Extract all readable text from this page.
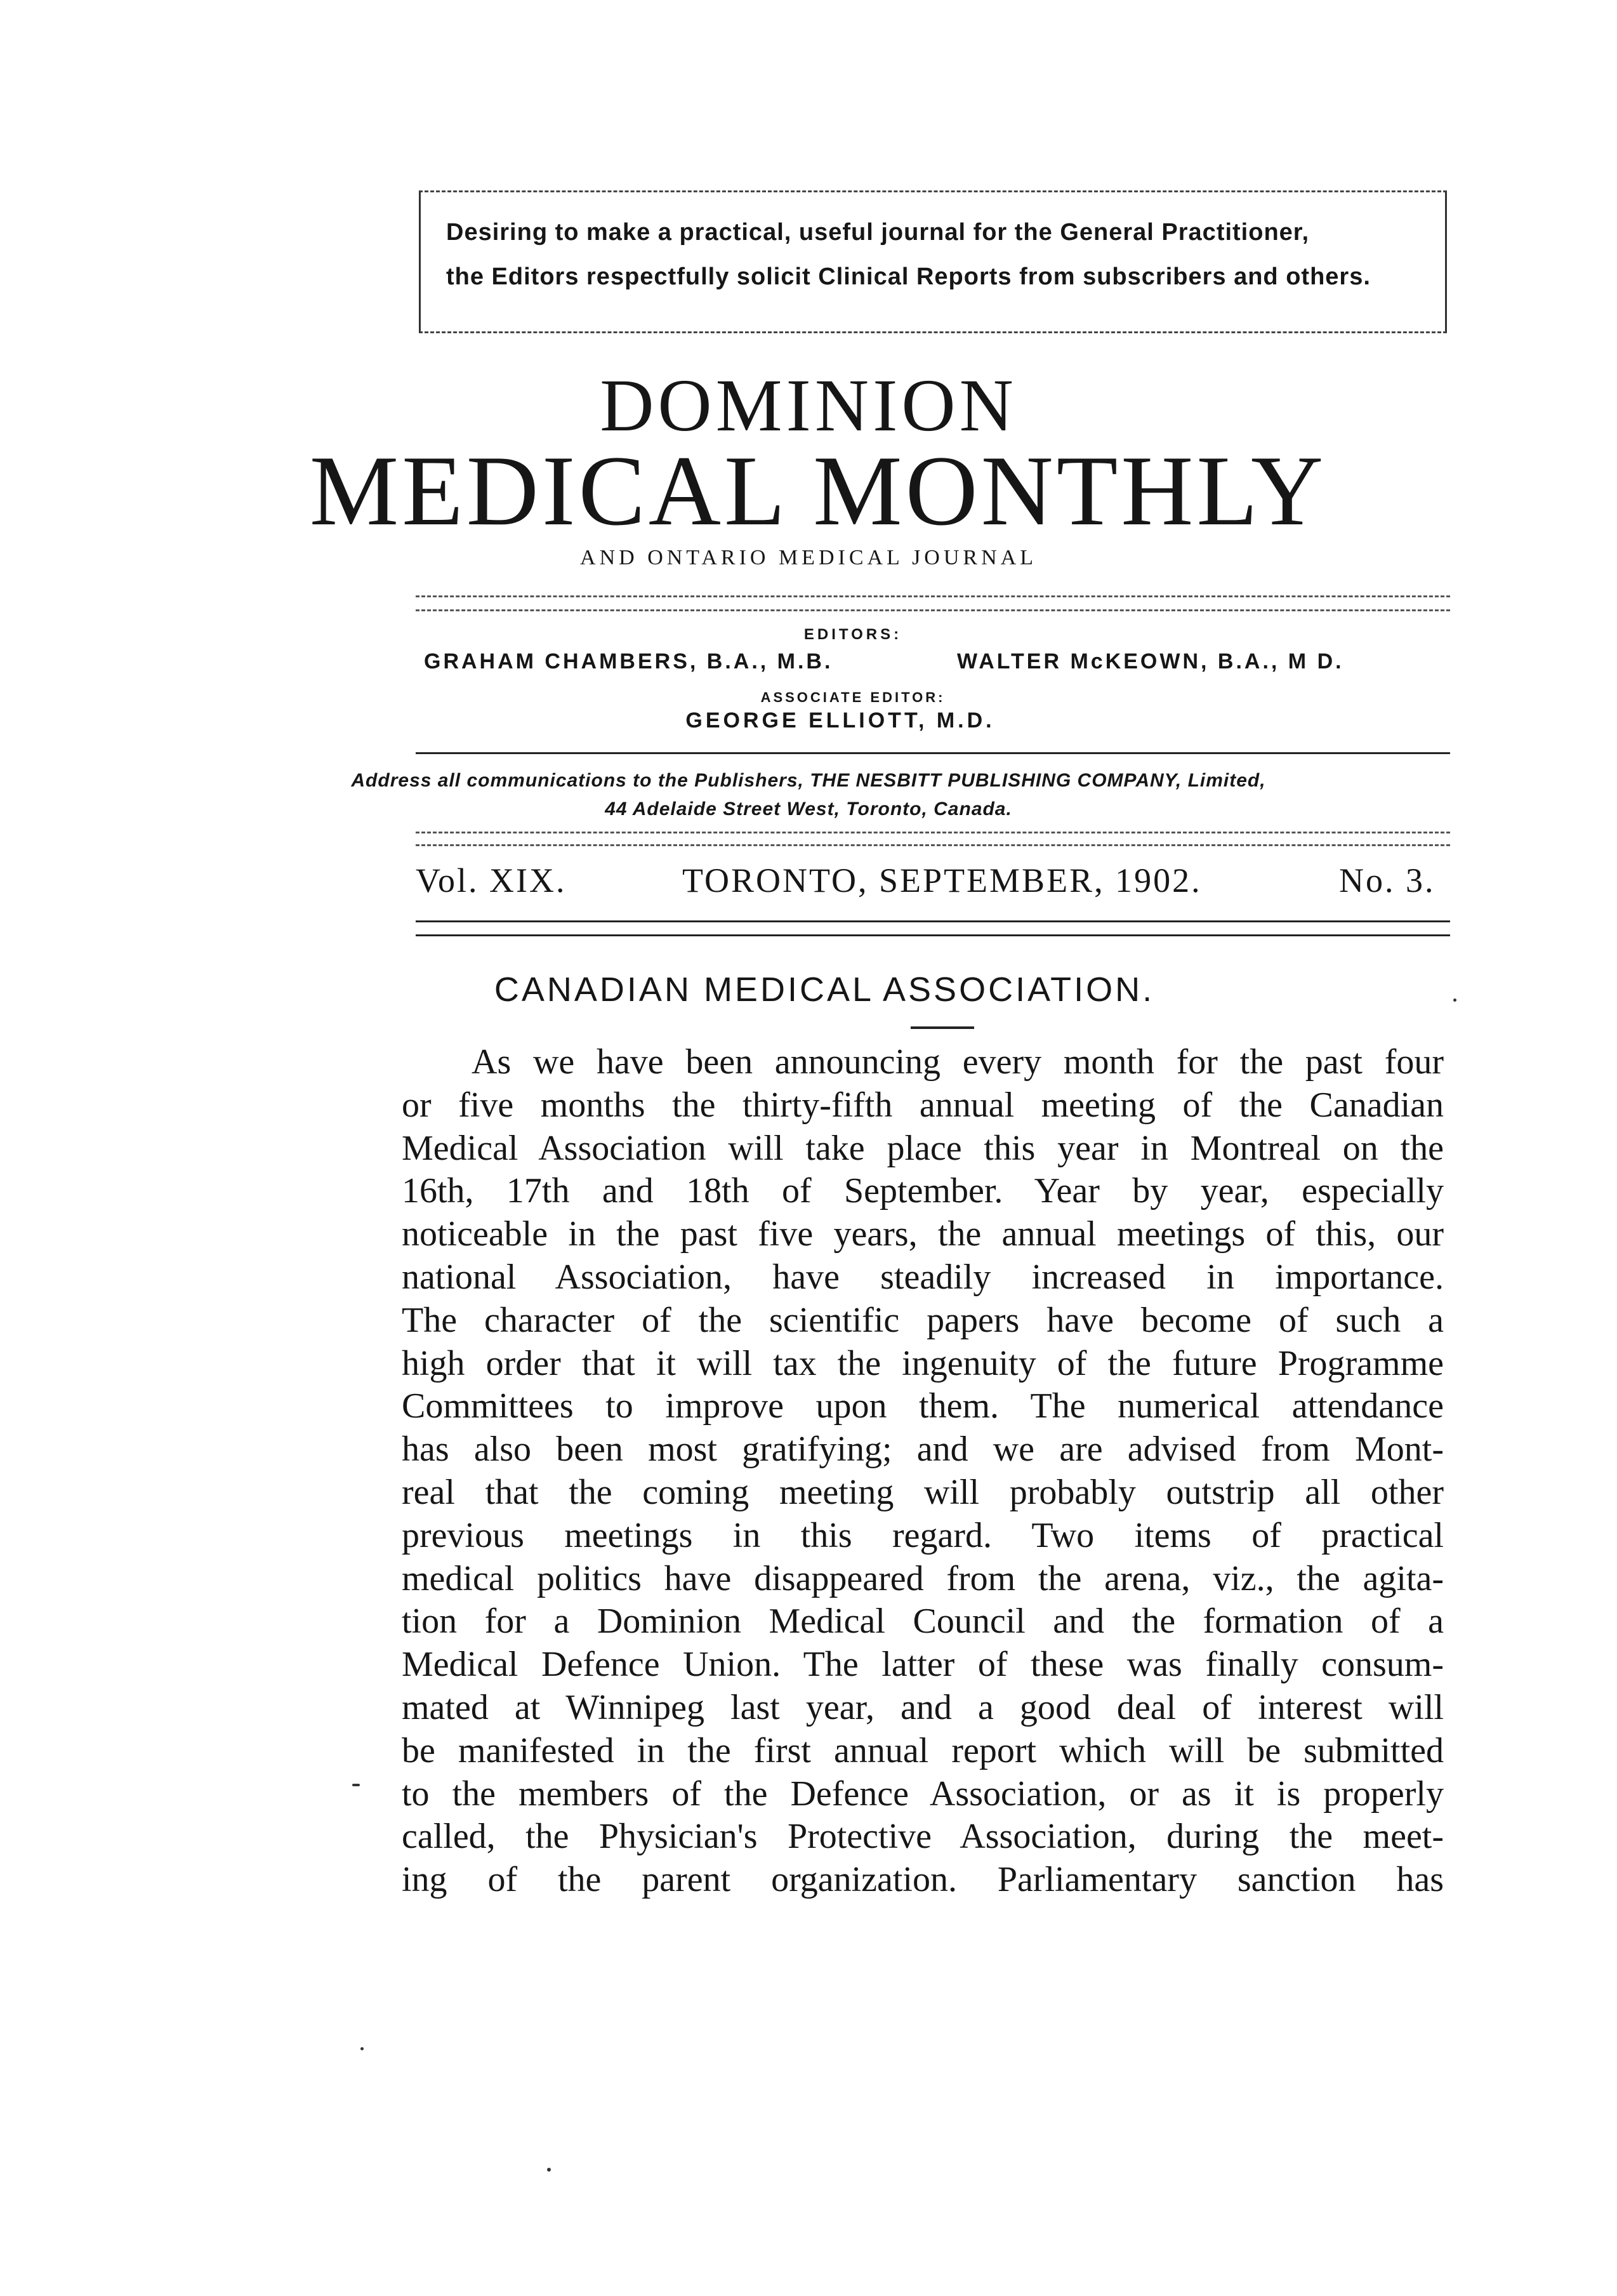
Desiring to make a practical, useful journal for the General Practitioner,
the Editors respectfully solicit Clinical Reports from subscribers and others.
DOMINION
MEDICAL MONTHLY
AND ONTARIO MEDICAL JOURNAL
EDITORS:
GRAHAM CHAMBERS, B.A., M.B.	WALTER McKEOWN, B.A., M D.
ASSOCIATE EDITOR:
GEORGE ELLIOTT, M.D.
Address all communications to the Publishers, THE NESBITT PUBLISHING COMPANY, Limited,
44 Adelaide Street West, Toronto, Canada.
Vol. XIX.	TORONTO, SEPTEMBER, 1902.	No. 3.
CANADIAN MEDICAL ASSOCIATION.
As we have been announcing every month for the past four
or five months the thirty-fifth annual meeting of the Canadian
Medical Association will take place this year in Montreal on the
16th, 17th and 18th of September. Year by year, especially
noticeable in the past five years, the annual meetings of this, our
national Association, have steadily increased in importance.
The character of the scientific papers have become of such a
high order that it will tax the ingenuity of the future Programme
Committees to improve upon them. The numerical attendance
has also been most gratifying; and we are advised from Mont-
real that the coming meeting will probably outstrip all other
previous meetings in this regard. Two items of practical
medical politics have disappeared from the arena, viz., the agita-
tion for a Dominion Medical Council and the formation of a
Medical Defence Union. The latter of these was finally consum-
mated at Winnipeg last year, and a good deal of interest will
be manifested in the first annual report which will be submitted
to the members of the Defence Association, or as it is properly
called, the Physician's Protective Association, during the meet-
ing of the parent organization. Parliamentary sanction has
